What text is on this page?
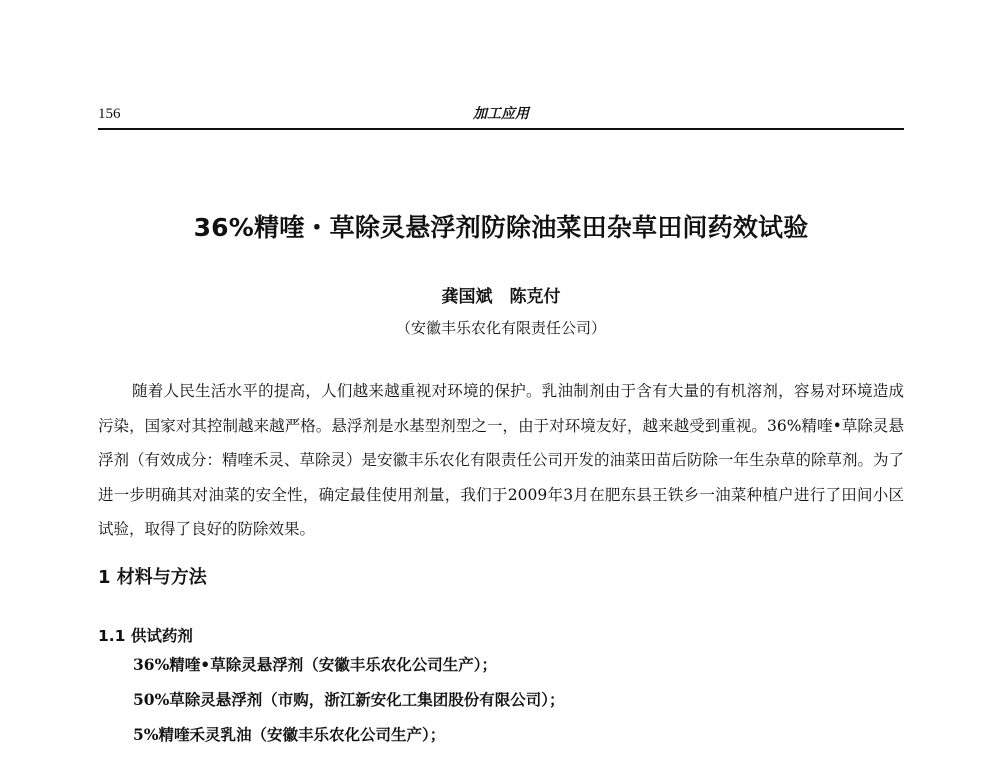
156	加工应用
36%精喹・草除灵悬浮剂防除油菜田杂草田间药效试验
龚国斌　陈克付
（安徽丰乐农化有限责任公司）

随着人民生活水平的提高，人们越来越重视对环境的保护。乳油制剂由于含有大量的有机溶剂，容易对环境造成污染，国家对其控制越来越严格。悬浮剂是水基型剂型之一，由于对环境友好，越来越受到重视。36%精喹•草除灵悬浮剂（有效成分：精喹禾灵、草除灵）是安徽丰乐农化有限责任公司开发的油菜田苗后防除一年生杂草的除草剂。为了进一步明确其对油菜的安全性，确定最佳使用剂量，我们于2009年3月在肥东县王铁乡一油菜种植户进行了田间小区试验，取得了良好的防除效果。

1 材料与方法
1.1 供试药剂
36%精喹•草除灵悬浮剂（安徽丰乐农化公司生产）；
50%草除灵悬浮剂（市购，浙江新安化工集团股份有限公司）；
5%精喹禾灵乳油（安徽丰乐农化公司生产）；
